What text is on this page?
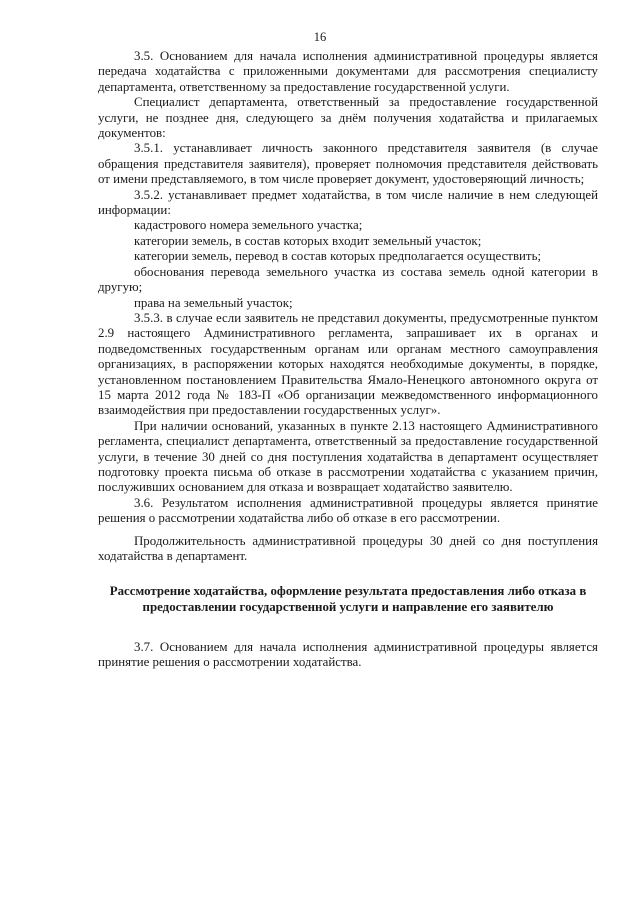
16

3.5. Основанием для начала исполнения административной процедуры является передача ходатайства с приложенными документами для рассмотрения специалисту департамента, ответственному за предоставление государственной услуги.

Специалист департамента, ответственный за предоставление государственной услуги, не позднее дня, следующего за днём получения ходатайства и прилагаемых документов:

3.5.1. устанавливает личность законного представителя заявителя (в случае обращения представителя заявителя), проверяет полномочия представителя действовать от имени представляемого, в том числе проверяет документ, удостоверяющий личность;

3.5.2. устанавливает предмет ходатайства, в том числе наличие в нем следующей информации:

кадастрового номера земельного участка;

категории земель, в состав которых входит земельный участок;

категории земель, перевод в состав которых предполагается осуществить;

обоснования перевода земельного участка из состава земель одной категории в другую;

права на земельный участок;

3.5.3. в случае если заявитель не представил документы, предусмотренные пунктом 2.9 настоящего Административного регламента, запрашивает их в органах и подведомственных государственным органам или органам местного самоуправления организациях, в распоряжении которых находятся необходимые документы, в порядке, установленном постановлением Правительства Ямало-Ненецкого автономного округа от 15 марта 2012 года № 183-П «Об организации межведомственного информационного взаимодействия при предоставлении государственных услуг».

При наличии оснований, указанных в пункте 2.13 настоящего Административного регламента, специалист департамента, ответственный за предоставление государственной услуги, в течение 30 дней со дня поступления ходатайства в департамент осуществляет подготовку проекта письма об отказе в рассмотрении ходатайства с указанием причин, послуживших основанием для отказа и возвращает ходатайство заявителю.

3.6. Результатом исполнения административной процедуры является принятие решения о рассмотрении ходатайства либо об отказе в его рассмотрении.

Продолжительность административной процедуры 30 дней со дня поступления ходатайства в департамент.

Рассмотрение ходатайства, оформление результата предоставления либо отказа в предоставлении государственной услуги и направление его заявителю

3.7. Основанием для начала исполнения административной процедуры является принятие решения о рассмотрении ходатайства.
